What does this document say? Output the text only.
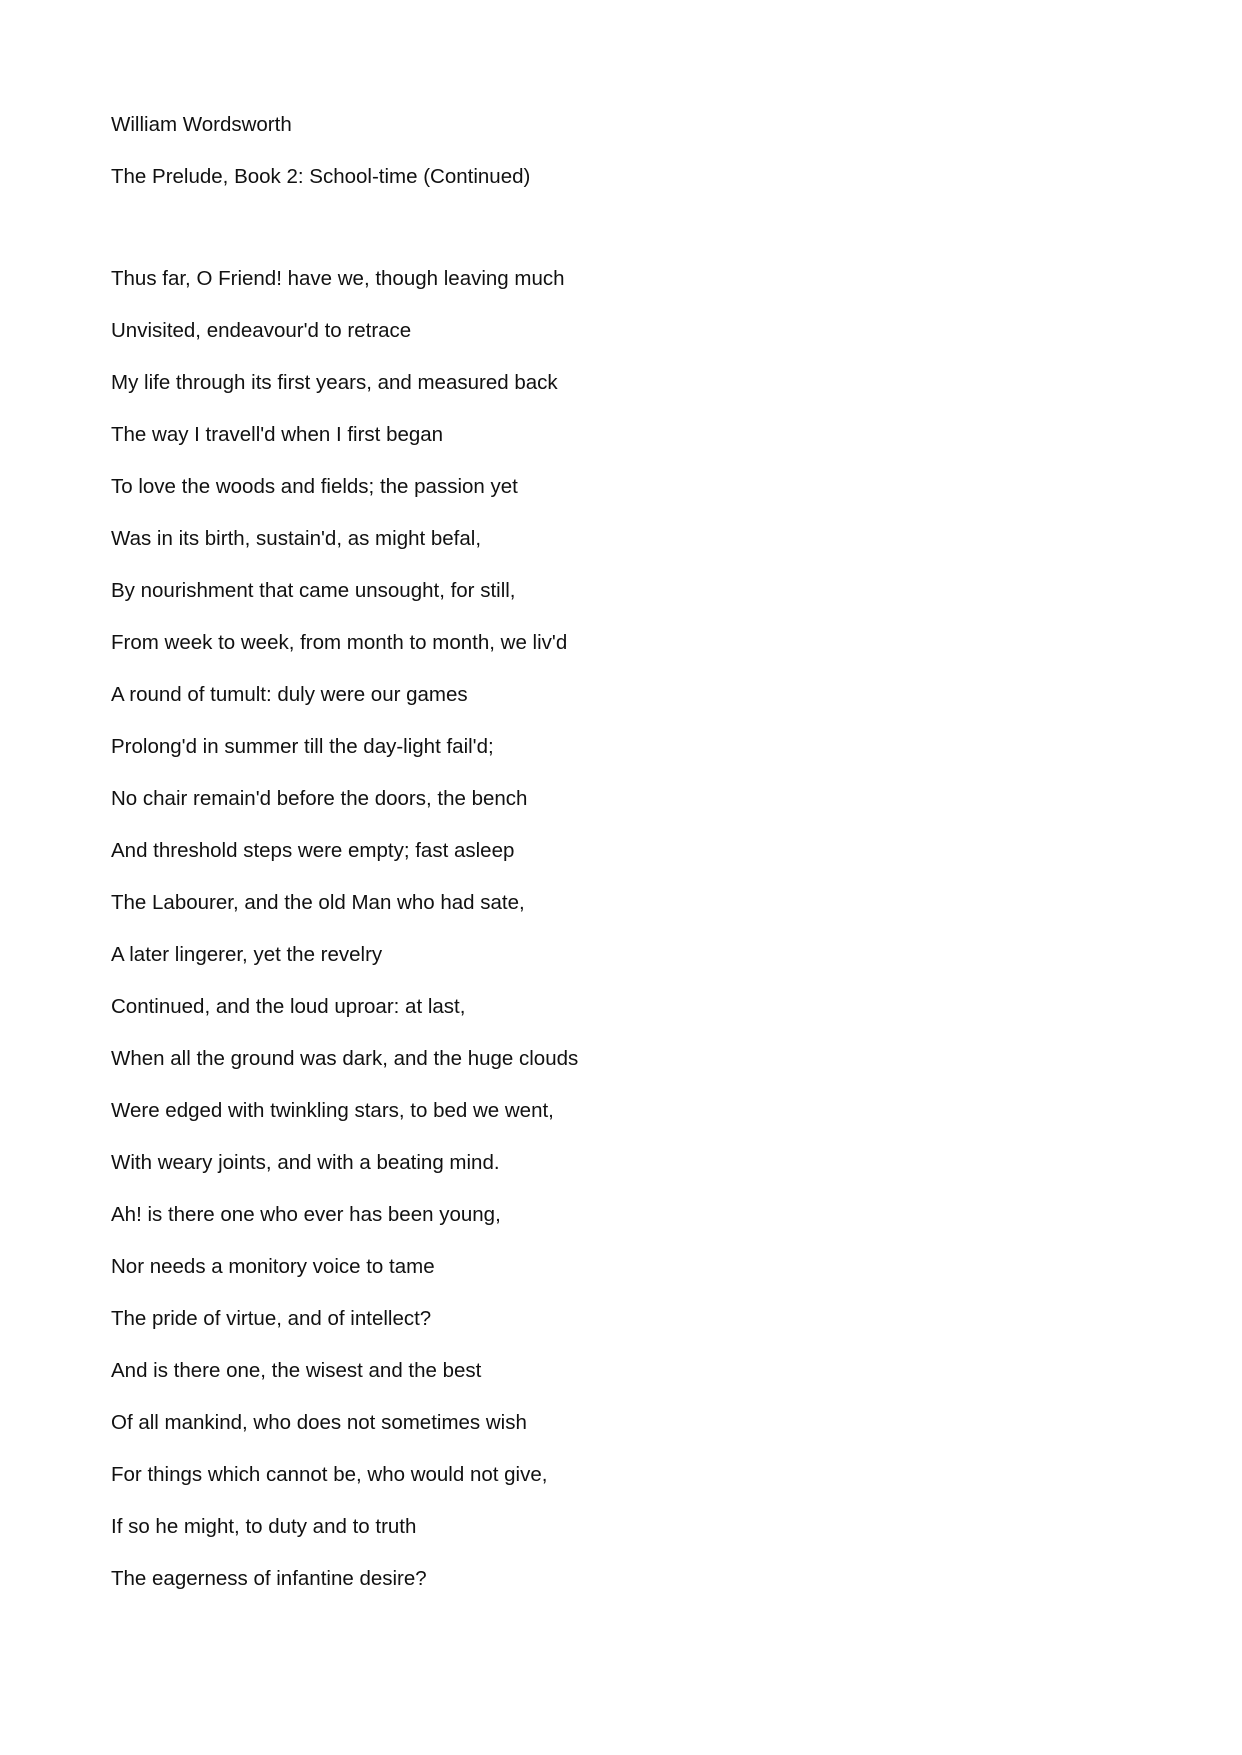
William Wordsworth
The Prelude, Book 2: School-time (Continued)
Thus far, O Friend! have we, though leaving much
Unvisited, endeavour'd to retrace
My life through its first years, and measured back
The way I travell'd when I first began
To love the woods and fields; the passion yet
Was in its birth, sustain'd, as might befal,
By nourishment that came unsought, for still,
From week to week, from month to month, we liv'd
A round of tumult: duly were our games
Prolong'd in summer till the day-light fail'd;
No chair remain'd before the doors, the bench
And threshold steps were empty; fast asleep
The Labourer, and the old Man who had sate,
A later lingerer, yet the revelry
Continued, and the loud uproar: at last,
When all the ground was dark, and the huge clouds
Were edged with twinkling stars, to bed we went,
With weary joints, and with a beating mind.
Ah! is there one who ever has been young,
Nor needs a monitory voice to tame
The pride of virtue, and of intellect?
And is there one, the wisest and the best
Of all mankind, who does not sometimes wish
For things which cannot be, who would not give,
If so he might, to duty and to truth
The eagerness of infantine desire?
